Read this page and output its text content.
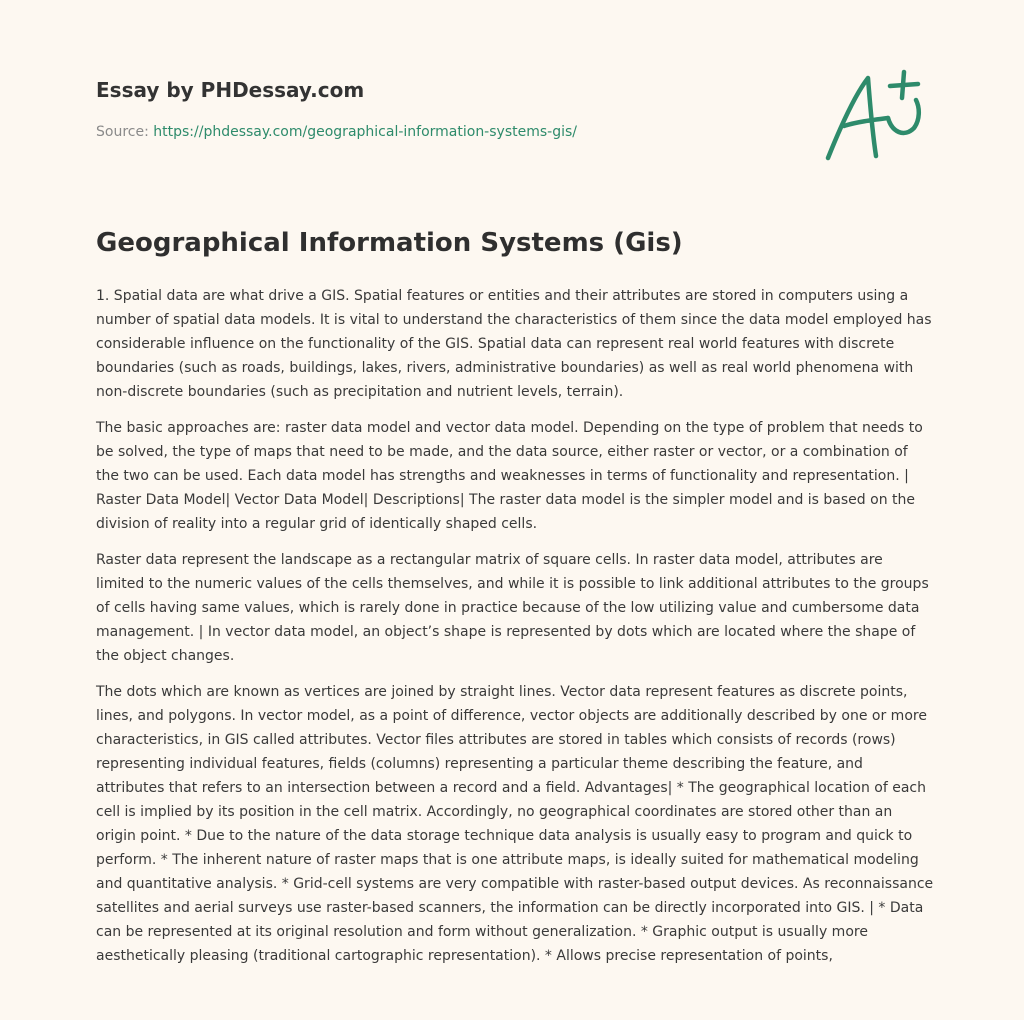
Essay by PHDessay.com
Source: https://phdessay.com/geographical-information-systems-gis/
Geographical Information Systems (Gis)

1. Spatial data are what drive a GIS. Spatial features or entities and their attributes are stored in computers using a number of spatial data models. It is vital to understand the characteristics of them since the data model employed has considerable influence on the functionality of the GIS. Spatial data can represent real world features with discrete boundaries (such as roads, buildings, lakes, rivers, administrative boundaries) as well as real world phenomena with non-discrete boundaries (such as precipitation and nutrient levels, terrain).

The basic approaches are: raster data model and vector data model. Depending on the type of problem that needs to be solved, the type of maps that need to be made, and the data source, either raster or vector, or a combination of the two can be used. Each data model has strengths and weaknesses in terms of functionality and representation. | Raster Data Model| Vector Data Model| Descriptions| The raster data model is the simpler model and is based on the division of reality into a regular grid of identically shaped cells.

Raster data represent the landscape as a rectangular matrix of square cells. In raster data model, attributes are limited to the numeric values of the cells themselves, and while it is possible to link additional attributes to the groups of cells having same values, which is rarely done in practice because of the low utilizing value and cumbersome data management. | In vector data model, an object’s shape is represented by dots which are located where the shape of the object changes.

The dots which are known as vertices are joined by straight lines. Vector data represent features as discrete points, lines, and polygons. In vector model, as a point of difference, vector objects are additionally described by one or more characteristics, in GIS called attributes. Vector files attributes are stored in tables which consists of records (rows) representing individual features, fields (columns) representing a particular theme describing the feature, and attributes that refers to an intersection between a record and a field. Advantages| * The geographical location of each cell is implied by its position in the cell matrix. Accordingly, no geographical coordinates are stored other than an origin point. * Due to the nature of the data storage technique data analysis is usually easy to program and quick to perform. * The inherent nature of raster maps that is one attribute maps, is ideally suited for mathematical modeling and quantitative analysis. * Grid-cell systems are very compatible with raster-based output devices. As reconnaissance satellites and aerial surveys use raster-based scanners, the information can be directly incorporated into GIS. | * Data can be represented at its original resolution and form without generalization. * Graphic output is usually more aesthetically pleasing (traditional cartographic representation). * Allows precise representation of points,
